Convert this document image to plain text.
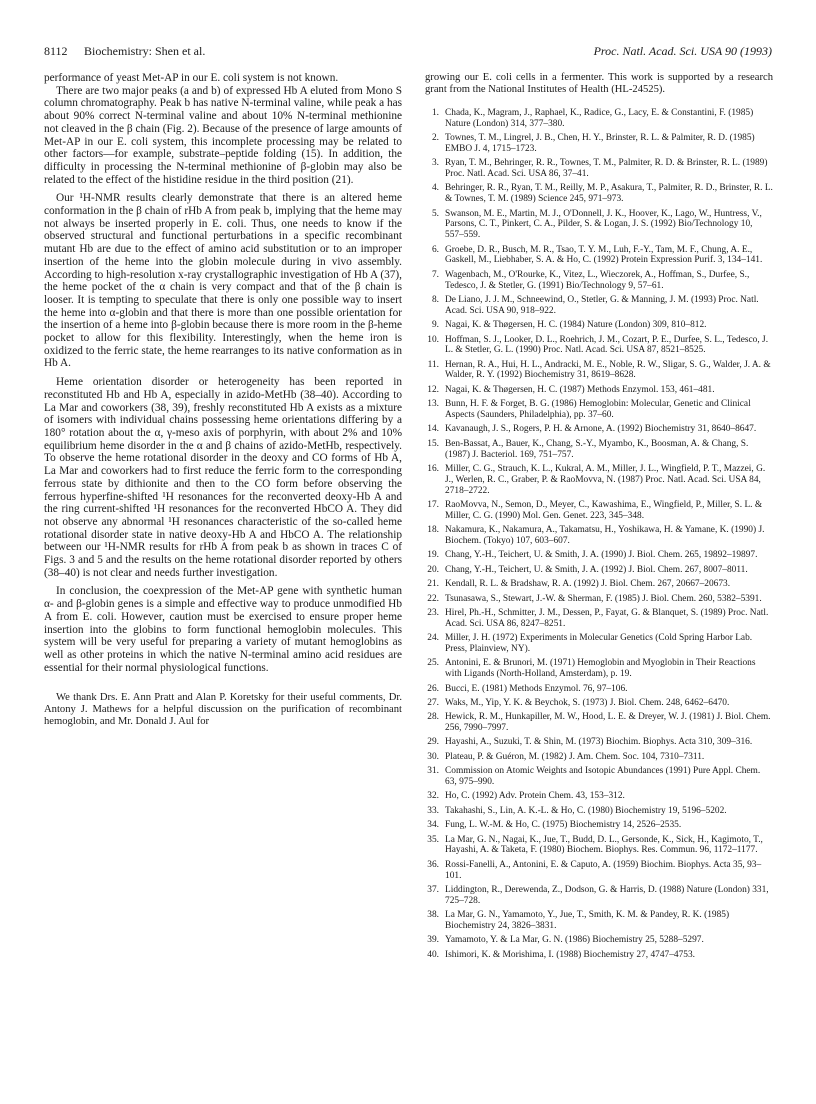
8112 Biochemistry: Shen et al.	Proc. Natl. Acad. Sci. USA 90 (1993)

performance of yeast Met-AP in our E. coli system is not known.

There are two major peaks (a and b) of expressed Hb A eluted from Mono S column chromatography. Peak b has native N-terminal valine, while peak a has about 90% correct N-terminal valine and about 10% N-terminal methionine not cleaved in the β chain (Fig. 2). Because of the presence of large amounts of Met-AP in our E. coli system, this incomplete processing may be related to other factors—for example, substrate–peptide folding (15). In addition, the difficulty in processing the N-terminal methionine of β-globin may also be related to the effect of the histidine residue in the third position (21).

Our ¹H-NMR results clearly demonstrate that there is an altered heme conformation in the β chain of rHb A from peak b, implying that the heme may not always be inserted properly in E. coli. Thus, one needs to know if the observed structural and functional perturbations in a specific recombinant mutant Hb are due to the effect of amino acid substitution or to an improper insertion of the heme into the globin molecule during in vivo assembly. According to high-resolution x-ray crystallographic investigation of Hb A (37), the heme pocket of the α chain is very compact and that of the β chain is looser. It is tempting to speculate that there is only one possible way to insert the heme into α-globin and that there is more than one possible orientation for the insertion of a heme into β-globin because there is more room in the β-heme pocket to allow for this flexibility. Interestingly, when the heme iron is oxidized to the ferric state, the heme rearranges to its native conformation as in Hb A.

Heme orientation disorder or heterogeneity has been reported in reconstituted Hb and Hb A, especially in azido-MetHb (38–40). According to La Mar and coworkers (38, 39), freshly reconstituted Hb A exists as a mixture of isomers with individual chains possessing heme orientations differing by a 180° rotation about the α, γ-meso axis of porphyrin, with about 2% and 10% equilibrium heme disorder in the α and β chains of azido-MetHb, respectively. To observe the heme rotational disorder in the deoxy and CO forms of Hb A, La Mar and coworkers had to first reduce the ferric form to the corresponding ferrous state by dithionite and then to the CO form before observing the ferrous hyperfine-shifted ¹H resonances for the reconverted deoxy-Hb A and the ring current-shifted ¹H resonances for the reconverted HbCO A. They did not observe any abnormal ¹H resonances characteristic of the so-called heme rotational disorder state in native deoxy-Hb A and HbCO A. The relationship between our ¹H-NMR results for rHb A from peak b as shown in traces C of Figs. 3 and 5 and the results on the heme rotational disorder reported by others (38–40) is not clear and needs further investigation.

In conclusion, the coexpression of the Met-AP gene with synthetic human α- and β-globin genes is a simple and effective way to produce unmodified Hb A from E. coli. However, caution must be exercised to ensure proper heme insertion into the globins to form functional hemoglobin molecules. This system will be very useful for preparing a variety of mutant hemoglobins as well as other proteins in which the native N-terminal amino acid residues are essential for their normal physiological functions.

We thank Drs. E. Ann Pratt and Alan P. Koretsky for their useful comments, Dr. Antony J. Mathews for a helpful discussion on the purification of recombinant hemoglobin, and Mr. Donald J. Aul for

growing our E. coli cells in a fermenter. This work is supported by a research grant from the National Institutes of Health (HL-24525).

1. Chada, K., Magram, J., Raphael, K., Radice, G., Lacy, E. & Constantini, F. (1985) Nature (London) 314, 377–380.
2. Townes, T. M., Lingrel, J. B., Chen, H. Y., Brinster, R. L. & Palmiter, R. D. (1985) EMBO J. 4, 1715–1723.
3. Ryan, T. M., Behringer, R. R., Townes, T. M., Palmiter, R. D. & Brinster, R. L. (1989) Proc. Natl. Acad. Sci. USA 86, 37–41.
4. Behringer, R. R., Ryan, T. M., Reilly, M. P., Asakura, T., Palmiter, R. D., Brinster, R. L. & Townes, T. M. (1989) Science 245, 971–973.
5. Swanson, M. E., Martin, M. J., O'Donnell, J. K., Hoover, K., Lago, W., Huntress, V., Parsons, C. T., Pinkert, C. A., Pilder, S. & Logan, J. S. (1992) Bio/Technology 10, 557–559.
6. Groebe, D. R., Busch, M. R., Tsao, T. Y. M., Luh, F.-Y., Tam, M. F., Chung, A. E., Gaskell, M., Liebhaber, S. A. & Ho, C. (1992) Protein Expression Purif. 3, 134–141.
7. Wagenbach, M., O'Rourke, K., Vitez, L., Wieczorek, A., Hoffman, S., Durfee, S., Tedesco, J. & Stetler, G. (1991) Bio/Technology 9, 57–61.
8. De Liano, J. J. M., Schneewind, O., Stetler, G. & Manning, J. M. (1993) Proc. Natl. Acad. Sci. USA 90, 918–922.
9. Nagai, K. & Thøgersen, H. C. (1984) Nature (London) 309, 810–812.
10. Hoffman, S. J., Looker, D. L., Roehrich, J. M., Cozart, P. E., Durfee, S. L., Tedesco, J. L. & Stetler, G. L. (1990) Proc. Natl. Acad. Sci. USA 87, 8521–8525.
11. Hernan, R. A., Hui, H. L., Andracki, M. E., Noble, R. W., Sligar, S. G., Walder, J. A. & Walder, R. Y. (1992) Biochemistry 31, 8619–8628.
12. Nagai, K. & Thøgersen, H. C. (1987) Methods Enzymol. 153, 461–481.
13. Bunn, H. F. & Forget, B. G. (1986) Hemoglobin: Molecular, Genetic and Clinical Aspects (Saunders, Philadelphia), pp. 37–60.
14. Kavanaugh, J. S., Rogers, P. H. & Arnone, A. (1992) Biochemistry 31, 8640–8647.
15. Ben-Bassat, A., Bauer, K., Chang, S.-Y., Myambo, K., Boosman, A. & Chang, S. (1987) J. Bacteriol. 169, 751–757.
16. Miller, C. G., Strauch, K. L., Kukral, A. M., Miller, J. L., Wingfield, P. T., Mazzei, G. J., Werlen, R. C., Graber, P. & RaoMovva, N. (1987) Proc. Natl. Acad. Sci. USA 84, 2718–2722.
17. RaoMovva, N., Semon, D., Meyer, C., Kawashima, E., Wingfield, P., Miller, S. L. & Miller, C. G. (1990) Mol. Gen. Genet. 223, 345–348.
18. Nakamura, K., Nakamura, A., Takamatsu, H., Yoshikawa, H. & Yamane, K. (1990) J. Biochem. (Tokyo) 107, 603–607.
19. Chang, Y.-H., Teichert, U. & Smith, J. A. (1990) J. Biol. Chem. 265, 19892–19897.
20. Chang, Y.-H., Teichert, U. & Smith, J. A. (1992) J. Biol. Chem. 267, 8007–8011.
21. Kendall, R. L. & Bradshaw, R. A. (1992) J. Biol. Chem. 267, 20667–20673.
22. Tsunasawa, S., Stewart, J.-W. & Sherman, F. (1985) J. Biol. Chem. 260, 5382–5391.
23. Hirel, Ph.-H., Schmitter, J. M., Dessen, P., Fayat, G. & Blanquet, S. (1989) Proc. Natl. Acad. Sci. USA 86, 8247–8251.
24. Miller, J. H. (1972) Experiments in Molecular Genetics (Cold Spring Harbor Lab. Press, Plainview, NY).
25. Antonini, E. & Brunori, M. (1971) Hemoglobin and Myoglobin in Their Reactions with Ligands (North-Holland, Amsterdam), p. 19.
26. Bucci, E. (1981) Methods Enzymol. 76, 97–106.
27. Waks, M., Yip, Y. K. & Beychok, S. (1973) J. Biol. Chem. 248, 6462–6470.
28. Hewick, R. M., Hunkapiller, M. W., Hood, L. E. & Dreyer, W. J. (1981) J. Biol. Chem. 256, 7990–7997.
29. Hayashi, A., Suzuki, T. & Shin, M. (1973) Biochim. Biophys. Acta 310, 309–316.
30. Plateau, P. & Guéron, M. (1982) J. Am. Chem. Soc. 104, 7310–7311.
31. Commission on Atomic Weights and Isotopic Abundances (1991) Pure Appl. Chem. 63, 975–990.
32. Ho, C. (1992) Adv. Protein Chem. 43, 153–312.
33. Takahashi, S., Lin, A. K.-L. & Ho, C. (1980) Biochemistry 19, 5196–5202.
34. Fung, L. W.-M. & Ho, C. (1975) Biochemistry 14, 2526–2535.
35. La Mar, G. N., Nagai, K., Jue, T., Budd, D. L., Gersonde, K., Sick, H., Kagimoto, T., Hayashi, A. & Taketa, F. (1980) Biochem. Biophys. Res. Commun. 96, 1172–1177.
36. Rossi-Fanelli, A., Antonini, E. & Caputo, A. (1959) Biochim. Biophys. Acta 35, 93–101.
37. Liddington, R., Derewenda, Z., Dodson, G. & Harris, D. (1988) Nature (London) 331, 725–728.
38. La Mar, G. N., Yamamoto, Y., Jue, T., Smith, K. M. & Pandey, R. K. (1985) Biochemistry 24, 3826–3831.
39. Yamamoto, Y. & La Mar, G. N. (1986) Biochemistry 25, 5288–5297.
40. Ishimori, K. & Morishima, I. (1988) Biochemistry 27, 4747–4753.
